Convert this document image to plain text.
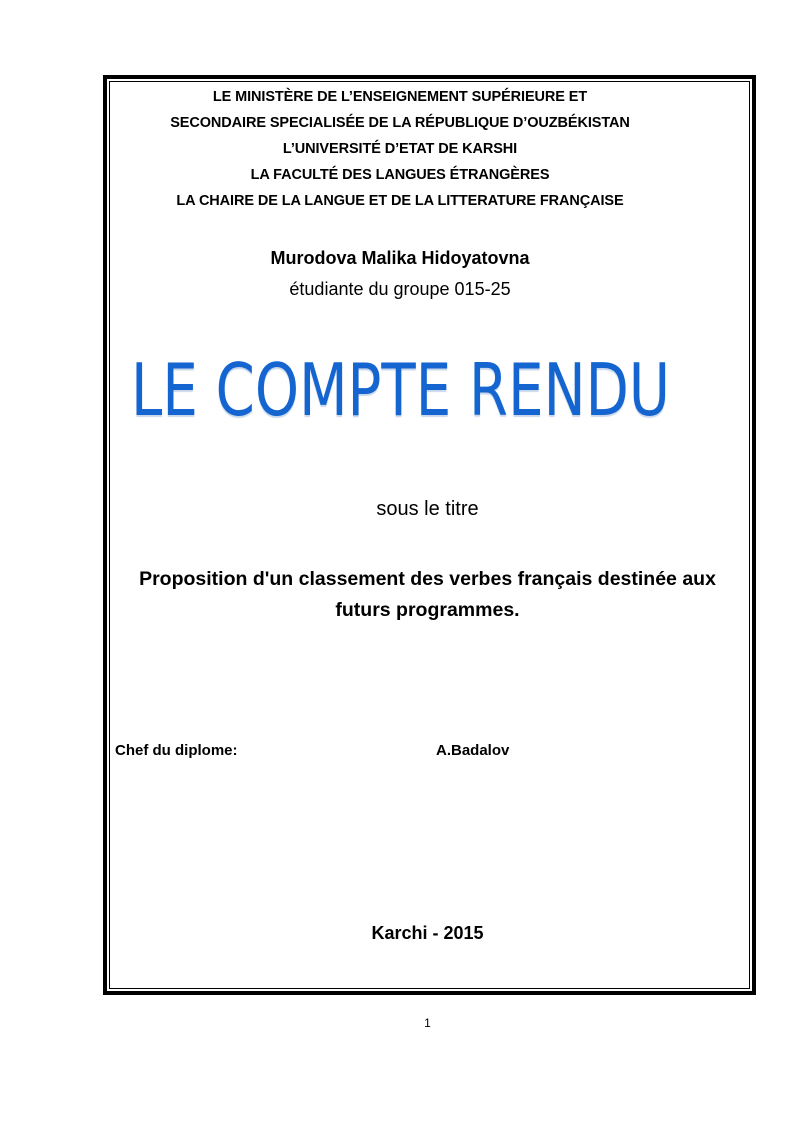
LE MINISTÈRE DE L’ENSEIGNEMENT SUPÉRIEURE ET
SECONDAIRE SPECIALISÉE DE LA RÉPUBLIQUE D’OUZBÉKISTAN
L’UNIVERSITÉ D’ETAT DE KARSHI
LA FACULTÉ DES LANGUES ÉTRANGÈRES
LA CHAIRE DE LA LANGUE ET DE LA LITTERATURE FRANÇAISE
Murodova Malika Hidoyatovna
étudiante du groupe 015-25
LE COMPTE RENDU
sous le titre
Proposition d'un classement des verbes français destinée aux futurs programmes.
Chef du diplome:	A.Badalov
Karchi - 2015
1
